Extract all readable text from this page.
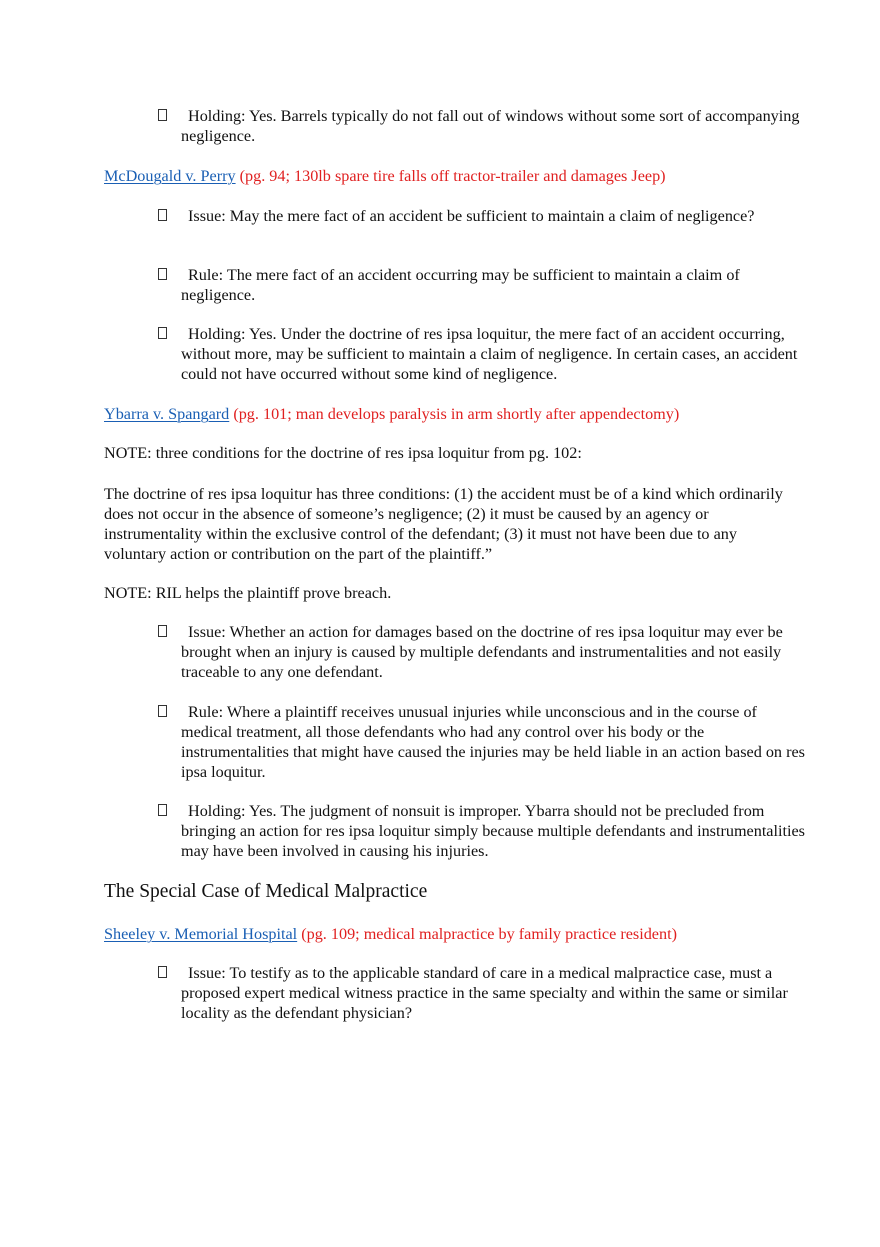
Holding: Yes. Barrels typically do not fall out of windows without some sort of accompanying negligence.
McDougald v. Perry (pg. 94; 130lb spare tire falls off tractor-trailer and damages Jeep)
Issue: May the mere fact of an accident be sufficient to maintain a claim of negligence?
Rule: The mere fact of an accident occurring may be sufficient to maintain a claim of negligence.
Holding: Yes. Under the doctrine of res ipsa loquitur, the mere fact of an accident occurring, without more, may be sufficient to maintain a claim of negligence. In certain cases, an accident could not have occurred without some kind of negligence.
Ybarra v. Spangard (pg. 101; man develops paralysis in arm shortly after appendectomy)
NOTE: three conditions for the doctrine of res ipsa loquitur from pg. 102:
The doctrine of res ipsa loquitur has three conditions: (1) the accident must be of a kind which ordinarily does not occur in the absence of someone’s negligence; (2) it must be caused by an agency or instrumentality within the exclusive control of the defendant; (3) it must not have been due to any voluntary action or contribution on the part of the plaintiff.”
NOTE: RIL helps the plaintiff prove breach.
Issue: Whether an action for damages based on the doctrine of res ipsa loquitur may ever be brought when an injury is caused by multiple defendants and instrumentalities and not easily traceable to any one defendant.
Rule: Where a plaintiff receives unusual injuries while unconscious and in the course of medical treatment, all those defendants who had any control over his body or the instrumentalities that might have caused the injuries may be held liable in an action based on res ipsa loquitur.
Holding: Yes. The judgment of nonsuit is improper. Ybarra should not be precluded from bringing an action for res ipsa loquitur simply because multiple defendants and instrumentalities may have been involved in causing his injuries.
The Special Case of Medical Malpractice
Sheeley v. Memorial Hospital (pg. 109; medical malpractice by family practice resident)
Issue: To testify as to the applicable standard of care in a medical malpractice case, must a proposed expert medical witness practice in the same specialty and within the same or similar locality as the defendant physician?
